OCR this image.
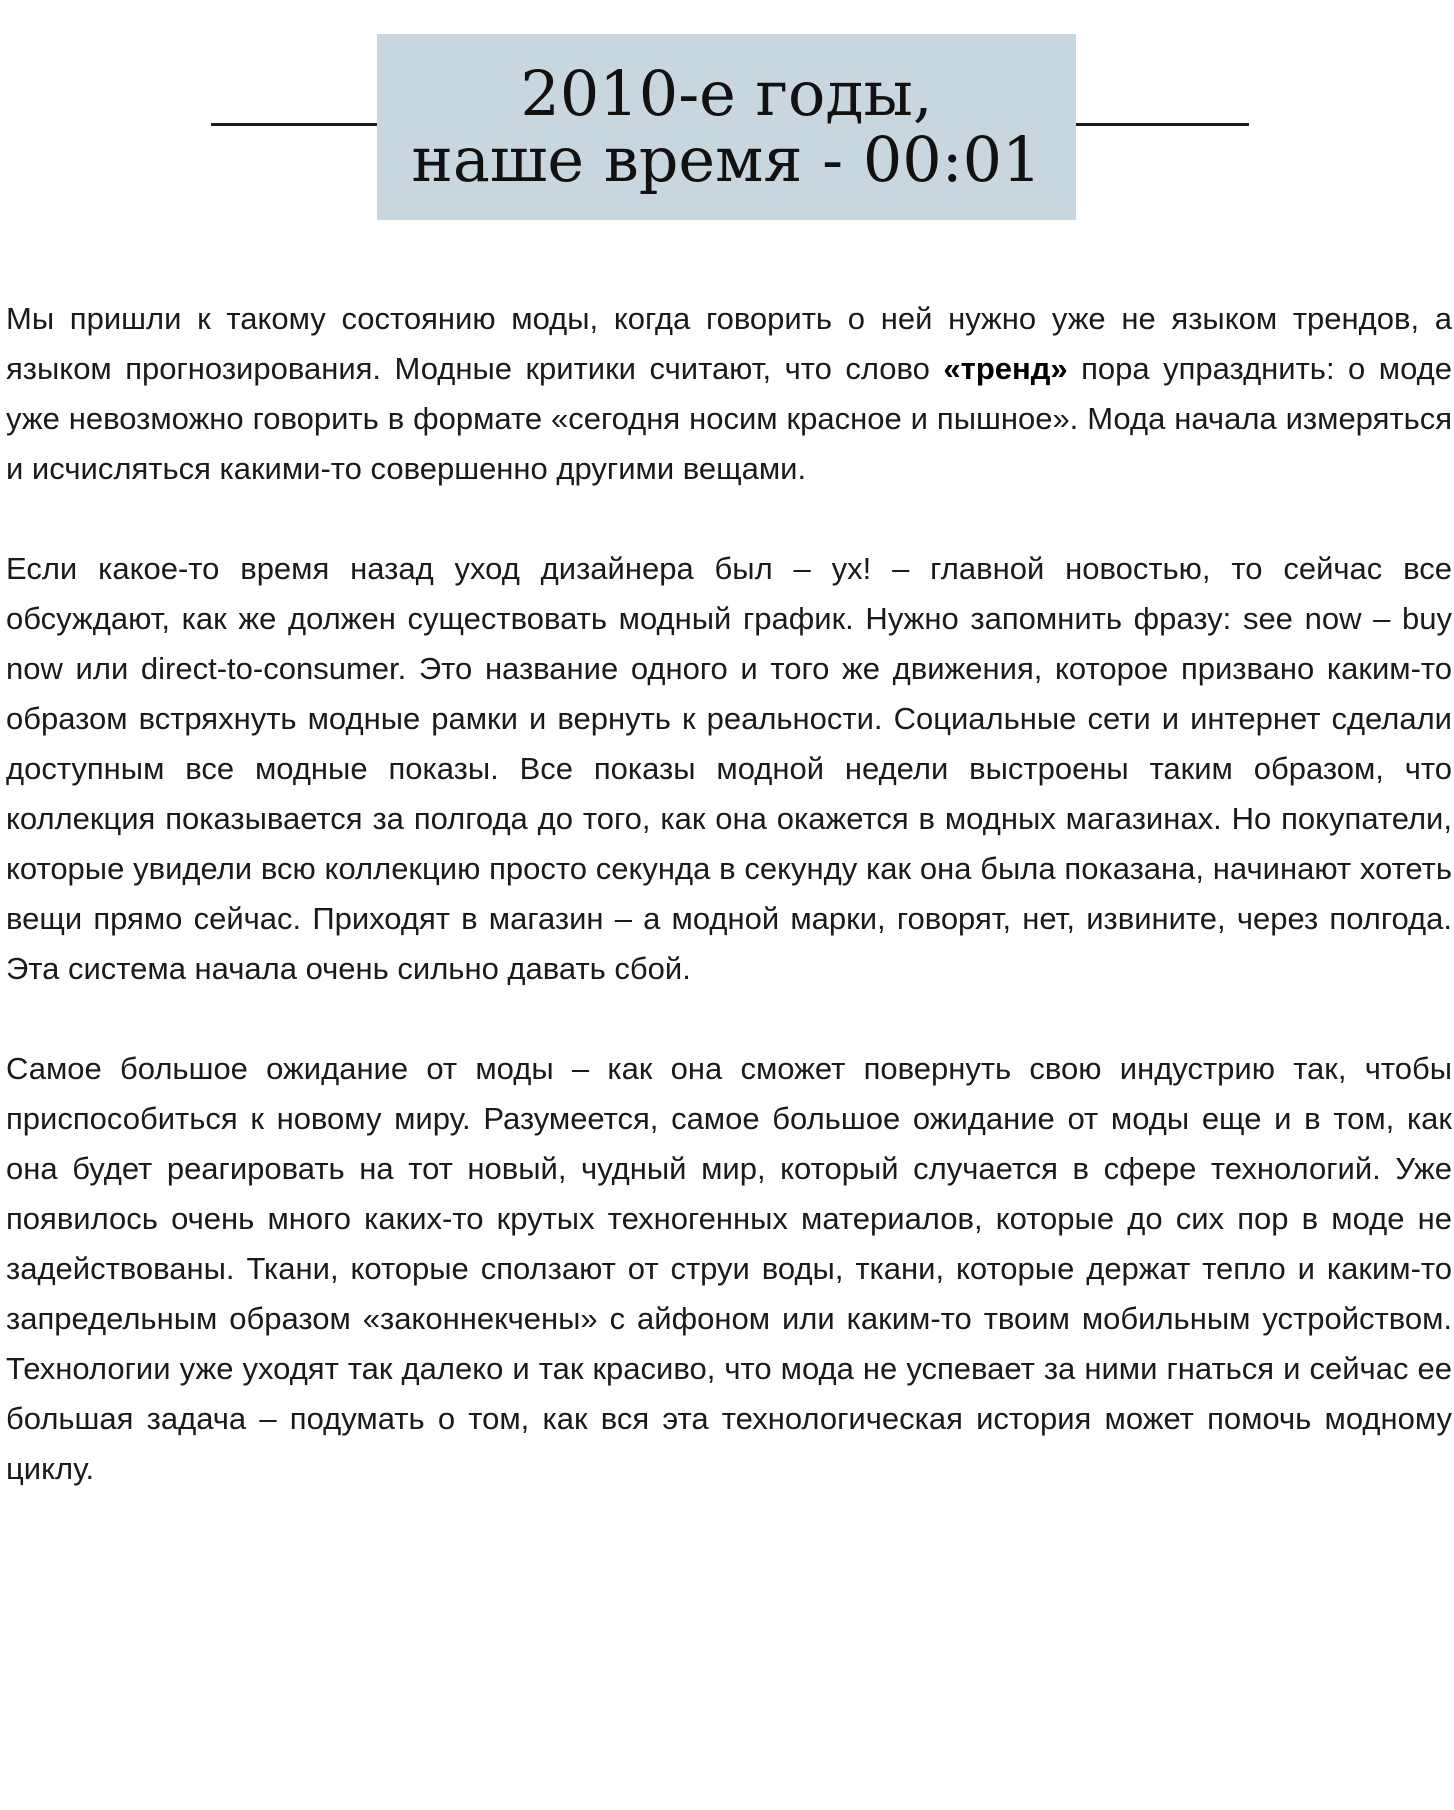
2010-е годы,
наше время - 00:01

Мы пришли к такому состоянию моды, когда говорить о ней нужно уже не языком трендов, а языком прогнозирования. Модные критики считают, что слово «тренд» пора упразднить: о моде уже невозможно говорить в формате «сегодня носим красное и пышное». Мода начала измеряться и исчисляться какими-то совершенно другими вещами.

Если какое-то время назад уход дизайнера был – ух! – главной новостью, то сейчас все обсуждают, как же должен существовать модный график. Нужно запомнить фразу: see now – buy now или direct-to-consumer. Это название одного и того же движения, которое призвано каким-то образом встряхнуть модные рамки и вернуть к реальности. Социальные сети и интернет сделали доступным все модные показы. Все показы модной недели выстроены таким образом, что коллекция показывается за полгода до того, как она окажется в модных магазинах. Но покупатели, которые увидели всю коллекцию просто секунда в секунду как она была показана, начинают хотеть вещи прямо сейчас. Приходят в магазин – а модной марки, говорят, нет, извините, через полгода. Эта система начала очень сильно давать сбой.

Самое большое ожидание от моды – как она сможет повернуть свою индустрию так, чтобы приспособиться к новому миру. Разумеется, самое большое ожидание от моды еще и в том, как она будет реагировать на тот новый, чудный мир, который случается в сфере технологий. Уже появилось очень много каких-то крутых техногенных материалов, которые до сих пор в моде не задействованы. Ткани, которые сползают от струи воды, ткани, которые держат тепло и каким-то запредельным образом «законнекчены» с айфоном или каким-то твоим мобильным устройством. Технологии уже уходят так далеко и так красиво, что мода не успевает за ними гнаться и сейчас ее большая задача – подумать о том, как вся эта технологическая история может помочь модному циклу.
